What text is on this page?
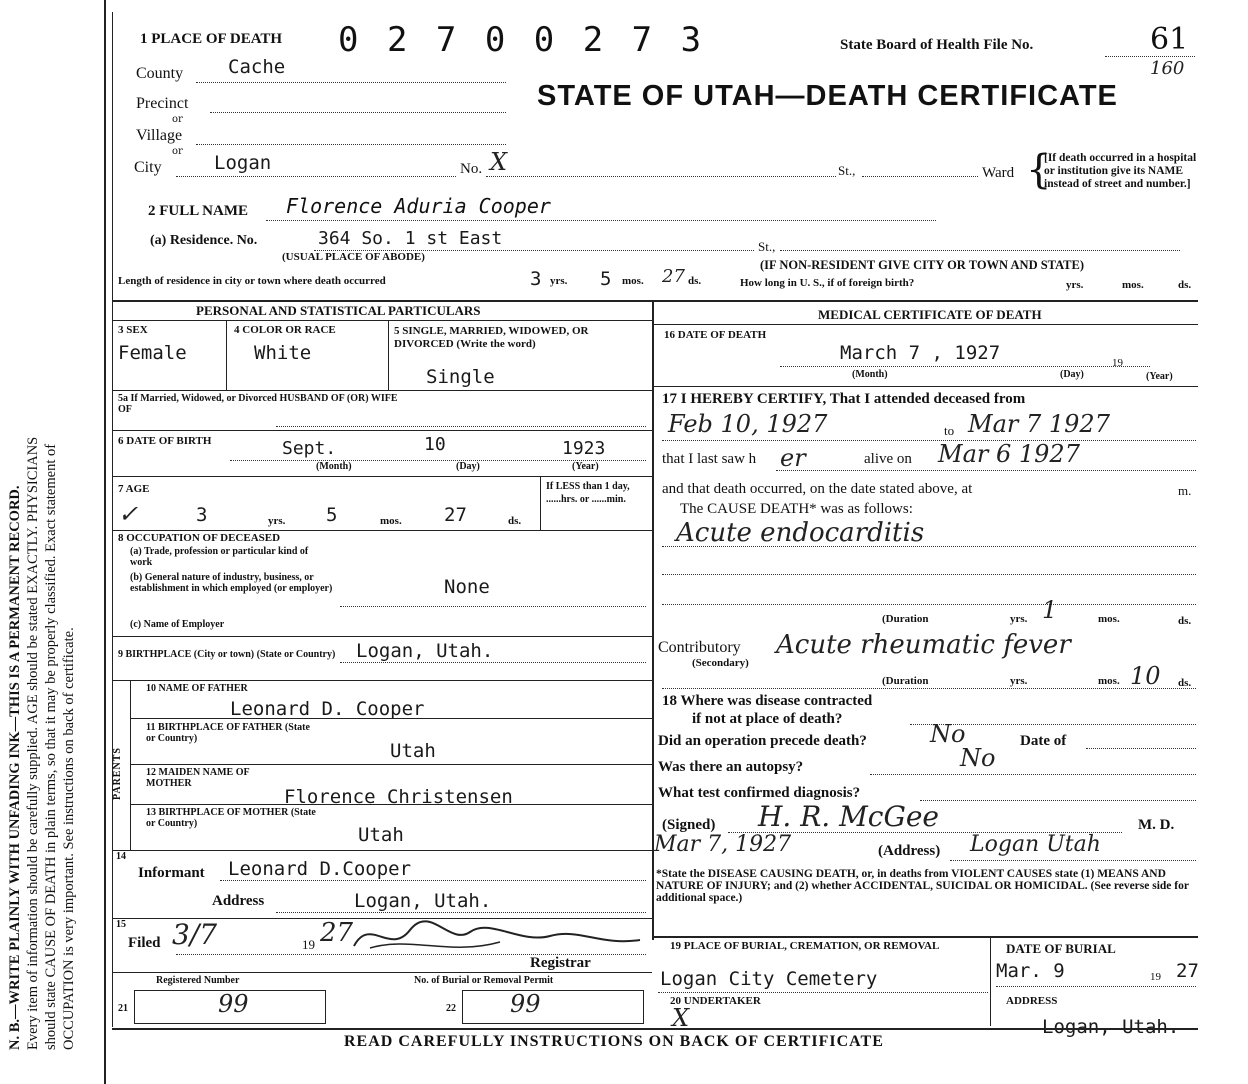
N. B.—WRITE PLAINLY WITH UNFADING INK—THIS IS A PERMANENT RECORD. Every item of information should be carefully supplied. AGE should be stated EXACTLY. PHYSICIANS should state CAUSE OF DEATH in plain terms, so that it may be properly classified. Exact statement of OCCUPATION is very important. See instructions on back of certificate.
1 PLACE OF DEATH 0 2 7 0 0 2 7 3	State Board of Health File No.	61
160
STATE OF UTAH—DEATH CERTIFICATE
County Cache
Precinct
or
Village
or
City	Logan	No. X	St.,	Ward {
[If death occurred in a hospital or institution give its NAME instead of street and number.]
2 FULL NAME Florence Aduria Cooper
(a) Residence. No.	364 So. 1 st East	St.,
(USUAL PLACE OF ABODE)
(IF NON-RESIDENT GIVE CITY OR TOWN AND STATE)
Length of residence in city or town where death occurred	3 yrs. 5 mos. 27 ds.	How long in U. S., if of foreign birth?	yrs.	mos.	ds.
PERSONAL AND STATISTICAL PARTICULARS
3 SEX
Female
4 COLOR OR RACE
White
5 SINGLE, MARRIED, WIDOWED, OR DIVORCED (Write the word)
Single
5a If Married, Widowed, or Divorced HUSBAND OF (OR) WIFE OF
6 DATE OF BIRTH	Sept.	10	1923
(Month)	(Day)	(Year)
7 AGE
✓	3	yrs. 5	mos. 27	ds.
If LESS than 1 day, ......hrs. or ......min.
8 OCCUPATION OF DECEASED
(a) Trade, profession or particular kind of work
(b) General nature of industry, business, or establishment in which employed (or employer)	None
(c) Name of Employer
9 BIRTHPLACE (City or town) (State or Country)	Logan, Utah.
PARENTS
10 NAME OF FATHER
Leonard D. Cooper
11 BIRTHPLACE OF FATHER (State or Country)
Utah
12 MAIDEN NAME OF MOTHER
Florence Christensen
13 BIRTHPLACE OF MOTHER (State or Country)
Utah
14
Informant Leonard D.Cooper
Address	Logan, Utah.
15
Filed 3/7	19 27
Registrar
Registered Number	No. of Burial or Removal Permit
21	99	22 99
MEDICAL CERTIFICATE OF DEATH
16 DATE OF DEATH
March 7 , 1927	19
(Month)	(Day)	(Year)
17 I HEREBY CERTIFY, That I attended deceased from
Feb 10, 1927	to Mar 7 1927
that I last saw h er	alive on Mar 6 1927
and that death occurred, on the date stated above, at	m.
The CAUSE DEATH* was as follows:
Acute endocarditis
(Duration	yrs. 1	mos.	ds.
Contributory
(Secondary)
Acute rheumatic fever
(Duration	yrs.	mos. 10 ds.
18 Where was disease contracted
if not at place of death?
Did an operation precede death?	No	Date of
Was there an autopsy?	No
What test confirmed diagnosis?
(Signed) H. R. McGee	M. D.
Mar 7, 1927	(Address) Logan Utah
*State the DISEASE CAUSING DEATH, or, in deaths from VIOLENT CAUSES state (1) MEANS AND NATURE OF INJURY; and (2) whether ACCIDENTAL, SUICIDAL OR HOMICIDAL. (See reverse side for additional space.)
19 PLACE OF BURIAL, CREMATION, OR REMOVAL
Logan City Cemetery
DATE OF BURIAL
Mar. 9	19 27
20 UNDERTAKER
X
ADDRESS
Logan, Utah.
READ CAREFULLY INSTRUCTIONS ON BACK OF CERTIFICATE
